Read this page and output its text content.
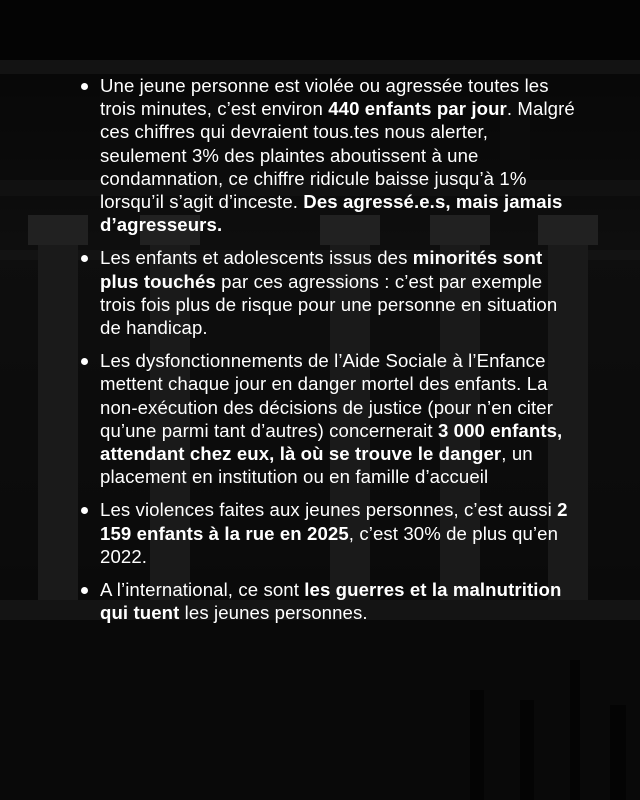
Une jeune personne est violée ou agressée toutes les trois minutes, c’est environ 440 enfants par jour. Malgré ces chiffres qui devraient tous.tes nous alerter, seulement 3% des plaintes aboutissent à une condamnation, ce chiffre ridicule baisse jusqu’à 1% lorsqu’il s’agit d’inceste. Des agressé.e.s, mais jamais d’agresseurs.
Les enfants et adolescents issus des minorités sont plus touchés par ces agressions : c’est par exemple trois fois plus de risque pour une personne en situation de handicap.
Les dysfonctionnements de l’Aide Sociale à l’Enfance mettent chaque jour en danger mortel des enfants. La non-exécution des décisions de justice (pour n’en citer qu’une parmi tant d’autres) concernerait 3 000 enfants, attendant chez eux, là où se trouve le danger, un placement en institution ou en famille d’accueil
Les violences faites aux jeunes personnes, c’est aussi 2 159 enfants à la rue en 2025, c’est 30% de plus qu’en 2022.
A l’international, ce sont les guerres et la malnutrition qui tuent les jeunes personnes.
